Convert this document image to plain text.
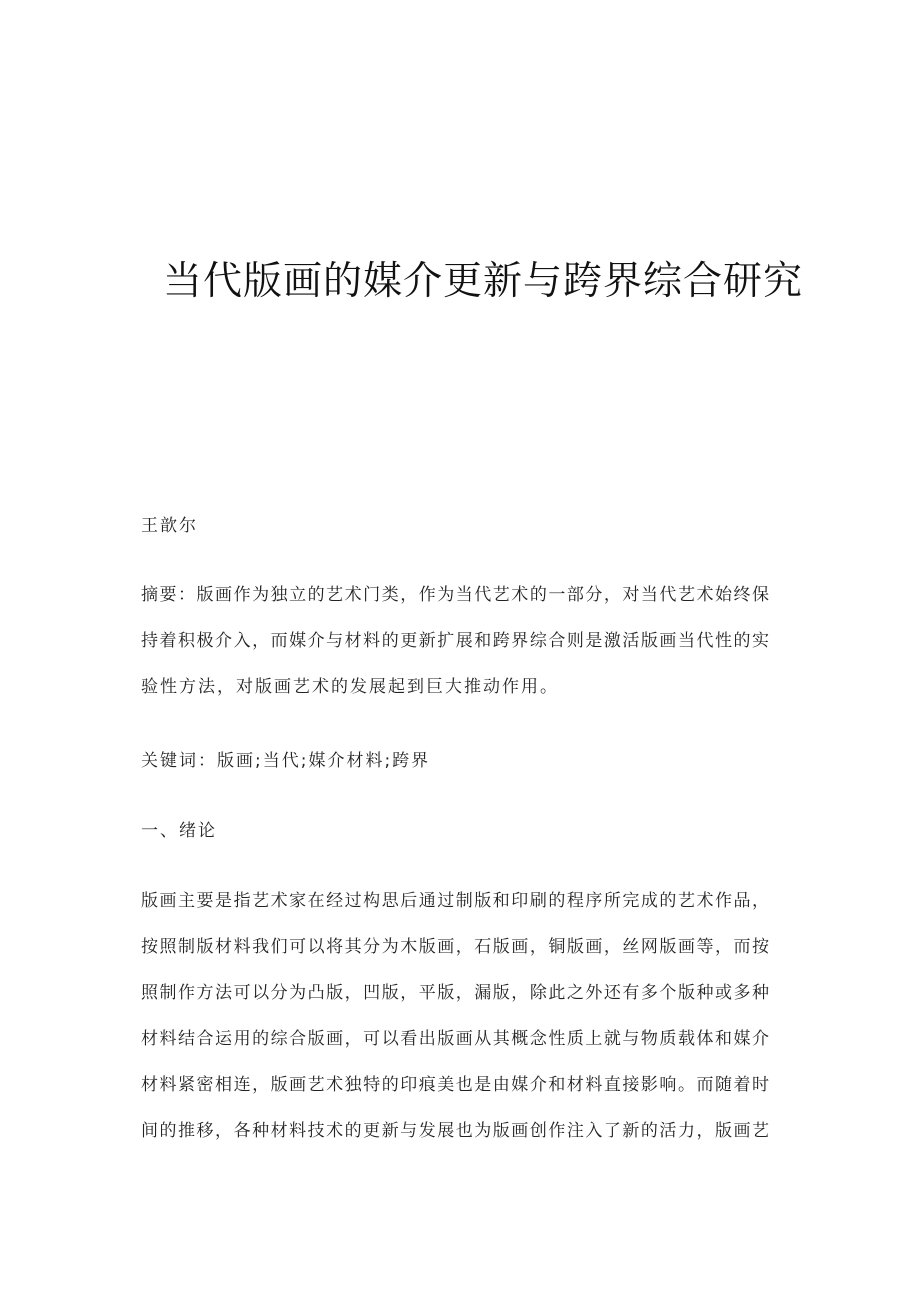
当代版画的媒介更新与跨界综合研究
王歆尔
摘要：版画作为独立的艺术门类，作为当代艺术的一部分，对当代艺术始终保
持着积极介入，而媒介与材料的更新扩展和跨界综合则是激活版画当代性的实
验性方法，对版画艺术的发展起到巨大推动作用。
关键词：版画;当代;媒介材料;跨界
一、绪论
版画主要是指艺术家在经过构思后通过制版和印刷的程序所完成的艺术作品，
按照制版材料我们可以将其分为木版画，石版画，铜版画，丝网版画等，而按
照制作方法可以分为凸版，凹版，平版，漏版，除此之外还有多个版种或多种
材料结合运用的综合版画，可以看出版画从其概念性质上就与物质载体和媒介
材料紧密相连，版画艺术独特的印痕美也是由媒介和材料直接影响。而随着时
间的推移，各种材料技术的更新与发展也为版画创作注入了新的活力，版画艺
